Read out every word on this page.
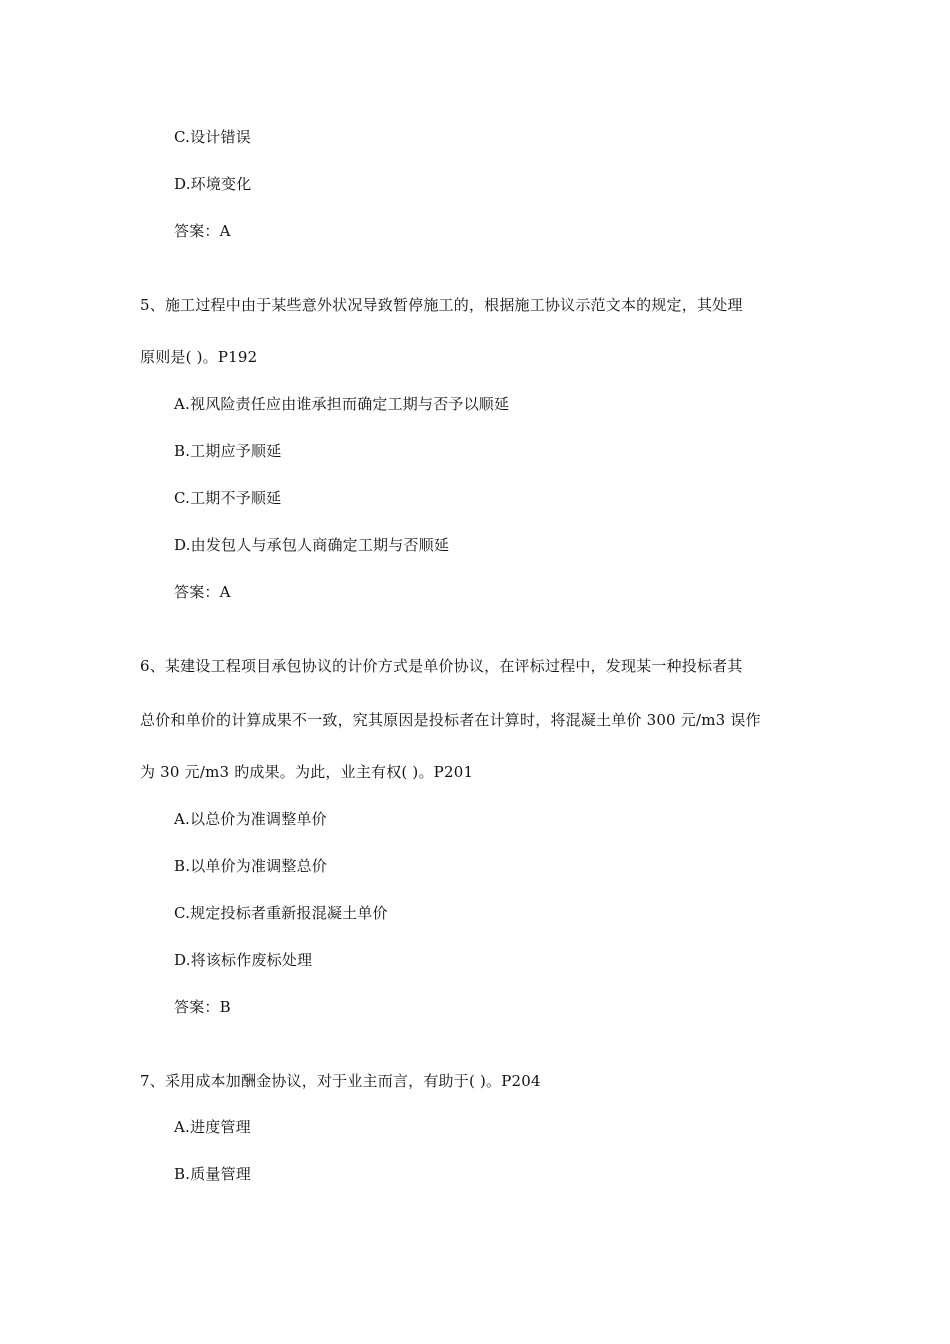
C.设计错误
D.环境变化
答案：A
5、施工过程中由于某些意外状况导致暂停施工的，根据施工协议示范文本的规定，其处理
原则是( )。P192
A.视风险责任应由谁承担而确定工期与否予以顺延
B.工期应予顺延
C.工期不予顺延
D.由发包人与承包人商确定工期与否顺延
答案：A
6、某建设工程项目承包协议的计价方式是单价协议，在评标过程中，发现某一种投标者其
总价和单价的计算成果不一致，究其原因是投标者在计算时，将混凝土单价 300 元/m3 误作
为 30 元/m3 旳成果。为此，业主有权( )。P201
A.以总价为准调整单价
B.以单价为准调整总价
C.规定投标者重新报混凝土单价
D.将该标作废标处理
答案：B
7、采用成本加酬金协议，对于业主而言，有助于( )。P204
A.进度管理
B.质量管理
